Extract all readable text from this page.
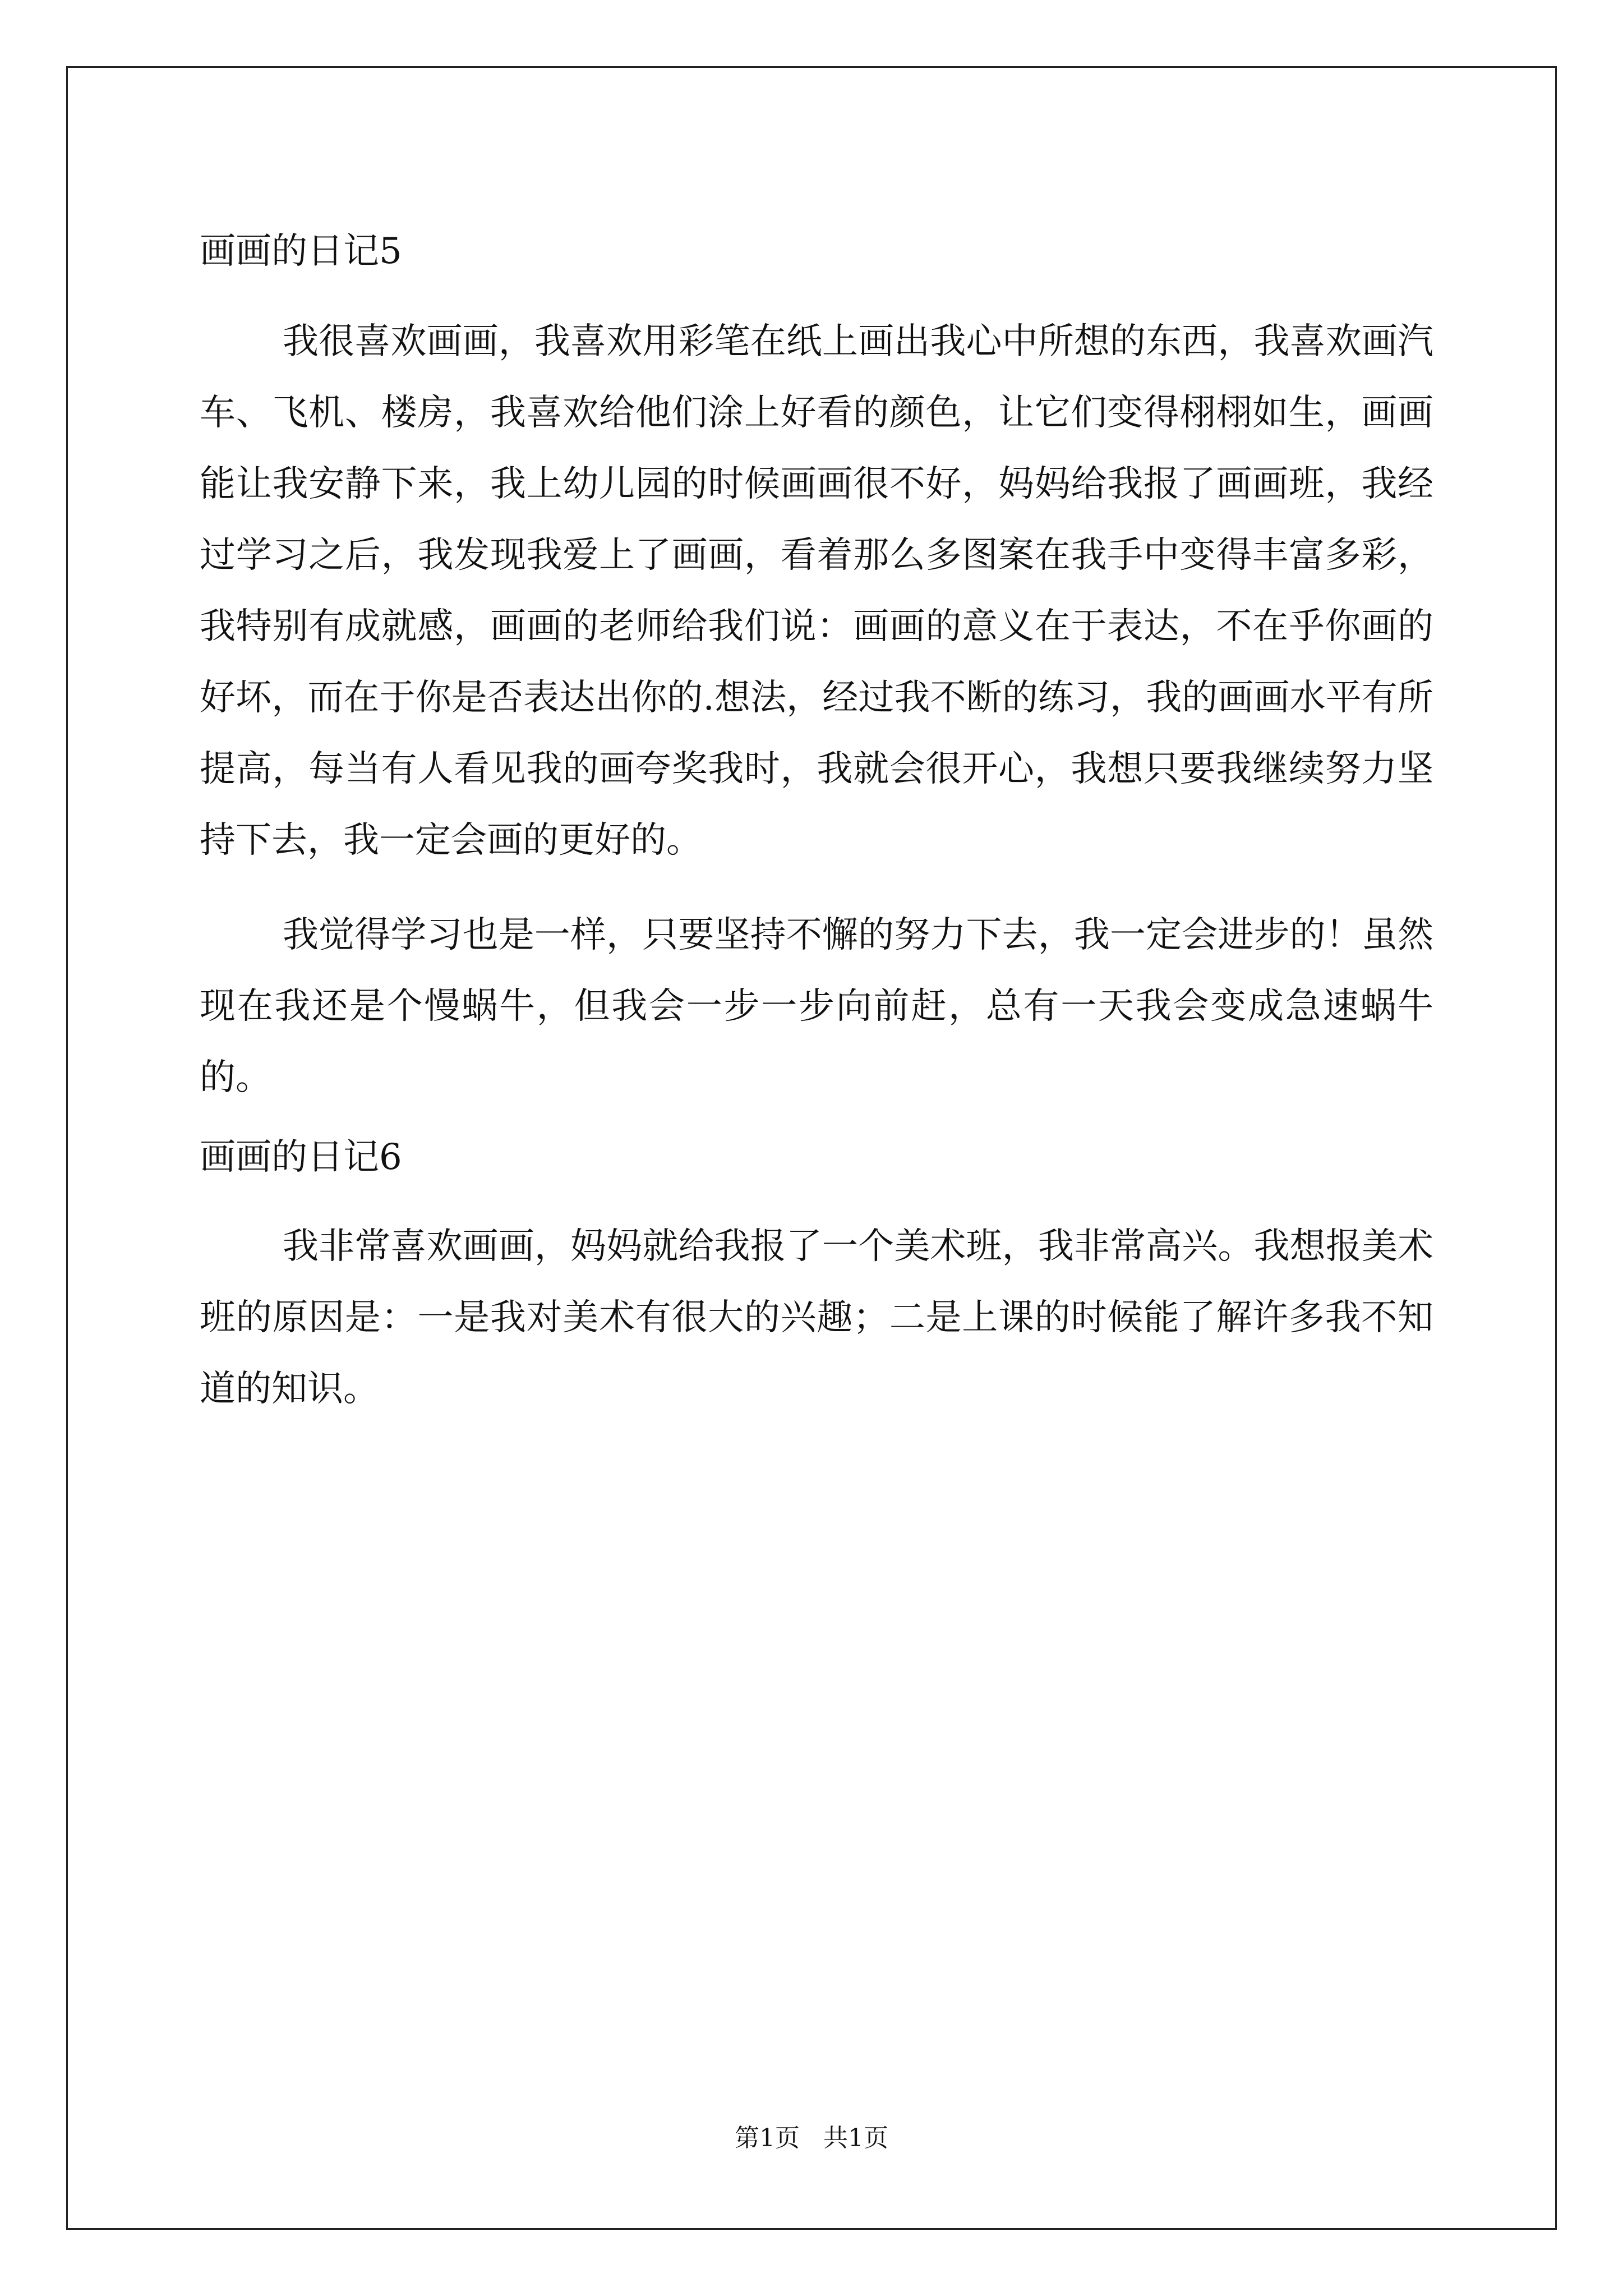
画画的日记5

我很喜欢画画，我喜欢用彩笔在纸上画出我心中所想的东西，我喜欢画汽车、飞机、楼房，我喜欢给他们涂上好看的颜色，让它们变得栩栩如生，画画能让我安静下来，我上幼儿园的时候画画很不好，妈妈给我报了画画班，我经过学习之后，我发现我爱上了画画，看着那么多图案在我手中变得丰富多彩，我特别有成就感，画画的老师给我们说：画画的意义在于表达，不在乎你画的好坏，而在于你是否表达出你的.想法，经过我不断的练习，我的画画水平有所提高，每当有人看见我的画夸奖我时，我就会很开心，我想只要我继续努力坚持下去，我一定会画的更好的。

我觉得学习也是一样，只要坚持不懈的努力下去，我一定会进步的！虽然现在我还是个慢蜗牛，但我会一步一步向前赶，总有一天我会变成急速蜗牛的。

画画的日记6

我非常喜欢画画，妈妈就给我报了一个美术班，我非常高兴。我想报美术班的原因是：一是我对美术有很大的兴趣；二是上课的时候能了解许多我不知道的知识。

第1页   共1页
